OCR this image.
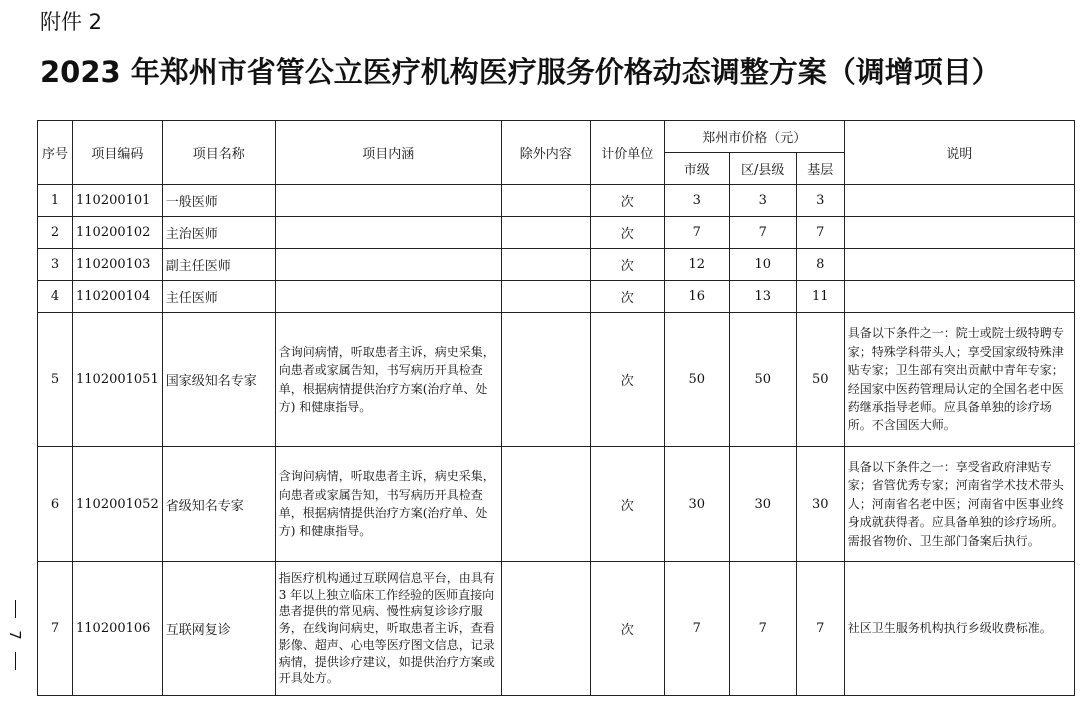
附件 2
2023 年郑州市省管公立医疗机构医疗服务价格动态调整方案（调增项目）
7
序号	项目编码	项目名称	项目内涵	除外内容	计价单位	郑州市价格（元）			说明
						市级	区/县级	基层	
1	110200101	一般医师			次	3	3	3	
2	110200102	主治医师			次	7	7	7	
3	110200103	副主任医师			次	12	10	8	
4	110200104	主任医师			次	16	13	11	
5	1102001051	国家级知名专家	含询问病情，听取患者主诉，病史采集，向患者或家属告知，书写病历开具检查单，根据病情提供治疗方案(治疗单、处方) 和健康指导。		次	50	50	50	具备以下条件之一：院士或院士级特聘专家；特殊学科带头人；享受国家级特殊津贴专家；卫生部有突出贡献中青年专家；经国家中医药管理局认定的全国名老中医药继承指导老师。应具备单独的诊疗场所。不含国医大师。
6	1102001052	省级知名专家	含询问病情，听取患者主诉，病史采集，向患者或家属告知，书写病历开具检查单，根据病情提供治疗方案(治疗单、处方) 和健康指导。		次	30	30	30	具备以下条件之一：享受省政府津贴专家；省管优秀专家；河南省学术技术带头人；河南省名老中医；河南省中医事业终身成就获得者。应具备单独的诊疗场所。需报省物价、卫生部门备案后执行。
7	110200106	互联网复诊	指医疗机构通过互联网信息平台，由具有 3 年以上独立临床工作经验的医师直接向患者提供的常见病、慢性病复诊诊疗服务，在线询问病史，听取患者主诉，查看影像、超声、心电等医疗图文信息，记录病情，提供诊疗建议，如提供治疗方案或开具处方。		次	7	7	7	社区卫生服务机构执行乡级收费标准。
